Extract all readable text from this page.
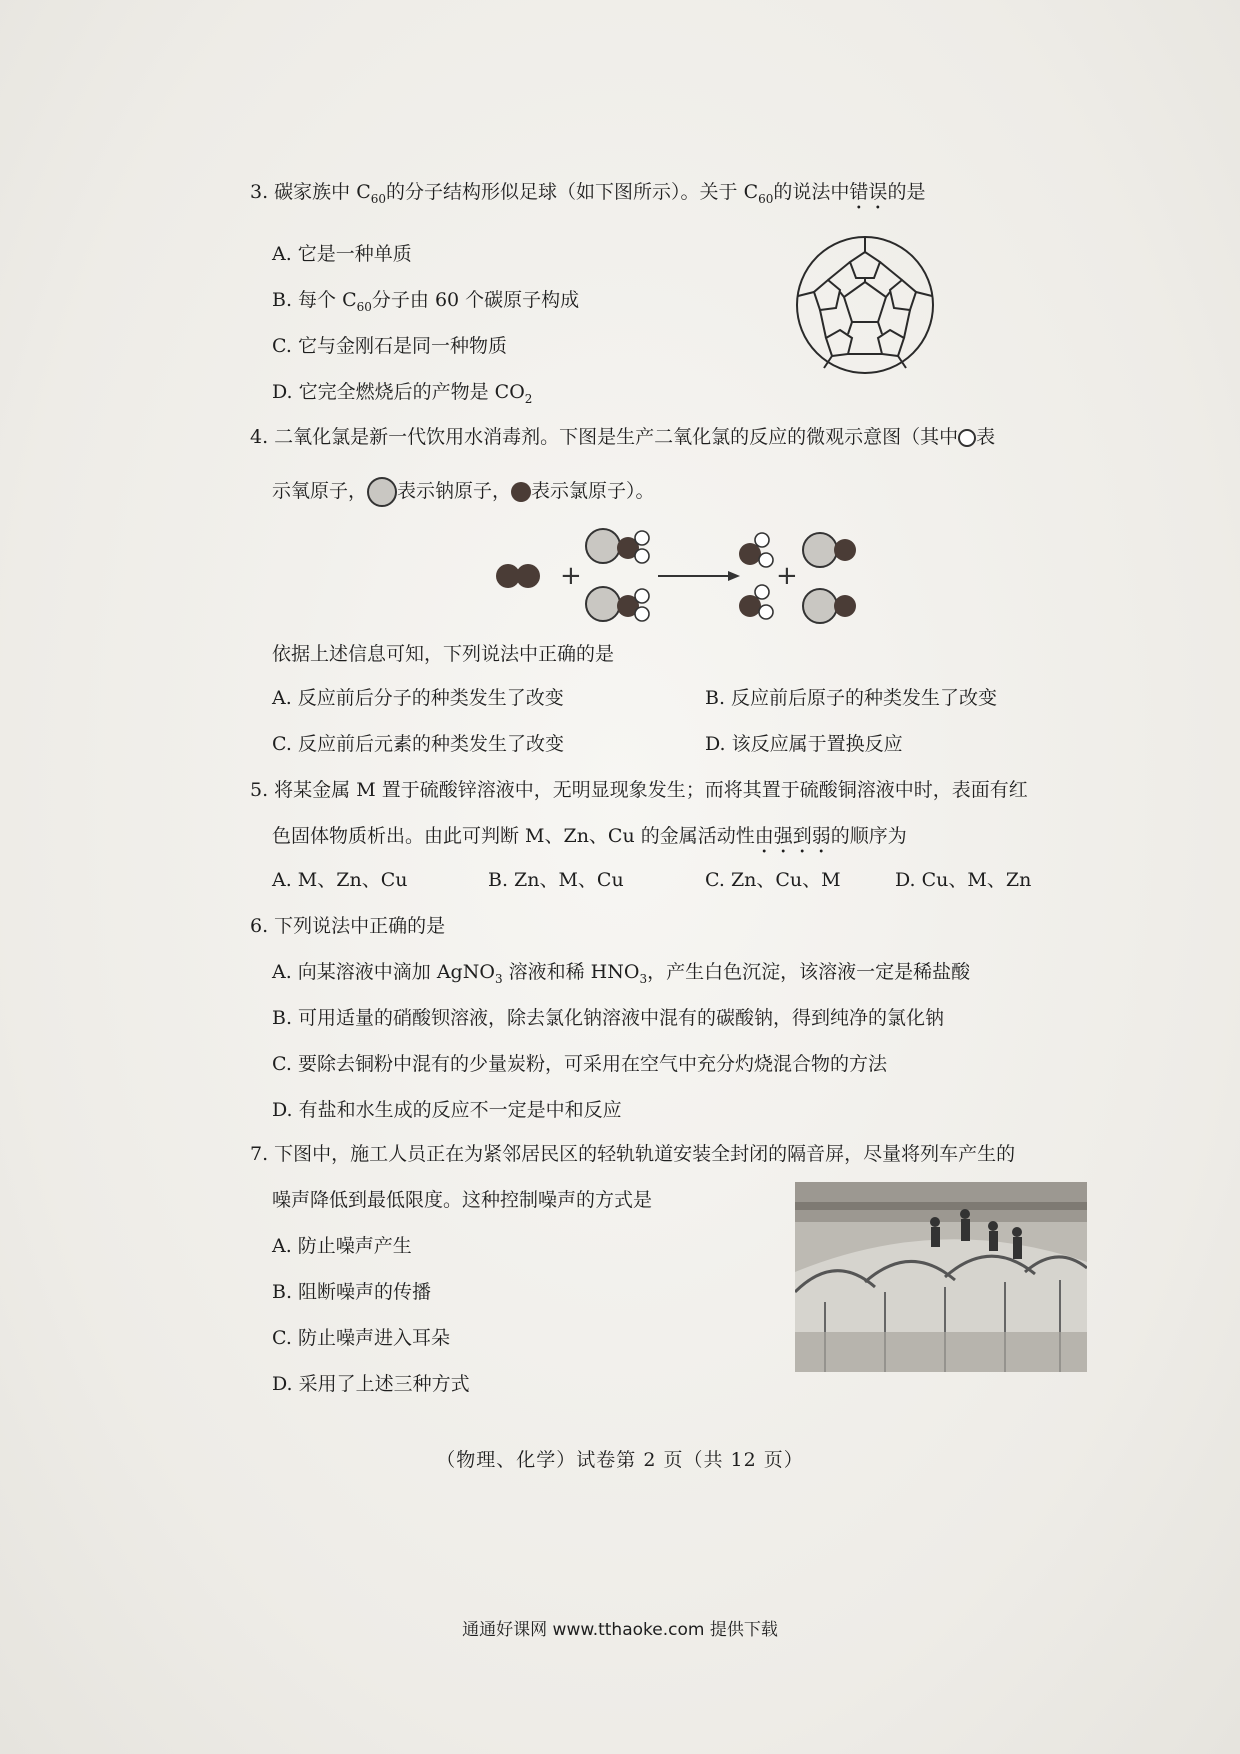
3. 碳家族中 $C_{60}$的分子结构形似足球（如下图所示）。关于 $C_{60}$的说法中错误的是
A. 它是一种单质
B. 每个 $C_{60}$分子由 60 个碳原子构成
C. 它与金刚石是同一种物质
D. 它完全燃烧后的产物是 $CO_2$
4. 二氧化氯是新一代饮用水消毒剂。下图是生产二氧化氯的反应的微观示意图（其中 表
示氧原子， 表示钠原子， 表示氯原子）。
+	+
依据上述信息可知，下列说法中正确的是
A. 反应前后分子的种类发生了改变	B. 反应前后原子的种类发生了改变
C. 反应前后元素的种类发生了改变	D. 该反应属于置换反应
5. 将某金属 M 置于硫酸锌溶液中，无明显现象发生；而将其置于硫酸铜溶液中时，表面有红
色固体物质析出。由此可判断 M、Zn、Cu 的金属活动性由强到弱的顺序为
A. M、Zn、Cu	B. Zn、M、Cu	C. Zn、Cu、M	D. Cu、M、Zn
6. 下列说法中正确的是
A. 向某溶液中滴加 AgNO$_3$ 溶液和稀 $HNO_3$，产生白色沉淀，该溶液一定是稀盐酸
B. 可用适量的硝酸钡溶液，除去氯化钠溶液中混有的碳酸钠，得到纯净的氯化钠
C. 要除去铜粉中混有的少量炭粉，可采用在空气中充分灼烧混合物的方法
D. 有盐和水生成的反应不一定是中和反应
7. 下图中，施工人员正在为紧邻居民区的轻轨轨道安装全封闭的隔音屏，尽量将列车产生的
噪声降低到最低限度。这种控制噪声的方式是
A. 防止噪声产生
B. 阻断噪声的传播
C. 防止噪声进入耳朵
D. 采用了上述三种方式
（物理、化学）试卷第 2 页（共 12 页）
通通好课网 www.tthaoke.com 提供下载
